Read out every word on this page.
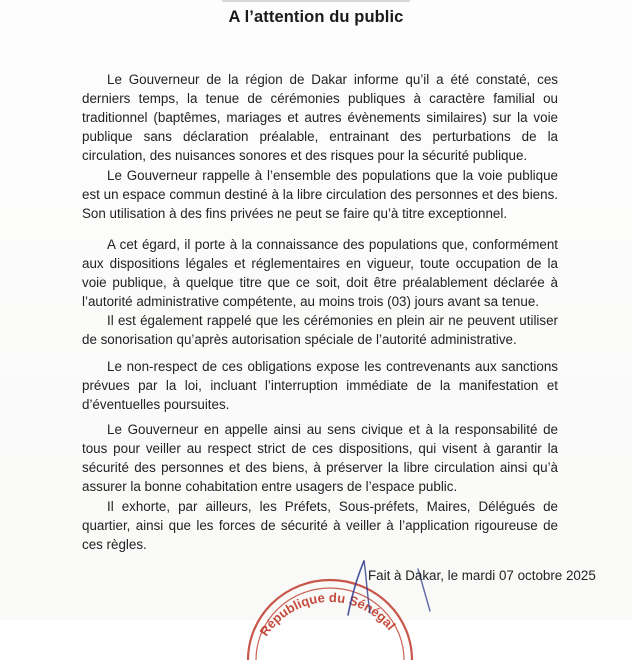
A l’attention du public

Le Gouverneur de la région de Dakar informe qu’il a été constaté, ces derniers temps, la tenue de cérémonies publiques à caractère familial ou traditionnel (baptêmes, mariages et autres évènements similaires) sur la voie publique sans déclaration préalable, entrainant des perturbations de la circulation, des nuisances sonores et des risques pour la sécurité publique.

Le Gouverneur rappelle à l’ensemble des populations que la voie publique est un espace commun destiné à la libre circulation des personnes et des biens. Son utilisation à des fins privées ne peut se faire qu’à titre exceptionnel.

A cet égard, il porte à la connaissance des populations que, conformément aux dispositions légales et réglementaires en vigueur, toute occupation de la voie publique, à quelque titre que ce soit, doit être préalablement déclarée à l’autorité administrative compétente, au moins trois (03) jours avant sa tenue.

Il est également rappelé que les cérémonies en plein air ne peuvent utiliser de sonorisation qu’après autorisation spéciale de l’autorité administrative.

Le non-respect de ces obligations expose les contrevenants aux sanctions prévues par la loi, incluant l’interruption immédiate de la manifestation et d’éventuelles poursuites.

Le Gouverneur en appelle ainsi au sens civique et à la responsabilité de tous pour veiller au respect strict de ces dispositions, qui visent à garantir la sécurité des personnes et des biens, à préserver la libre circulation ainsi qu’à assurer la bonne cohabitation entre usagers de l’espace public.

Il exhorte, par ailleurs, les Préfets, Sous-préfets, Maires, Délégués de quartier, ainsi que les forces de sécurité à veiller à l’application rigoureuse de ces règles.

République du Sénégal
Fait à Dakar, le mardi 07 octobre 2025
